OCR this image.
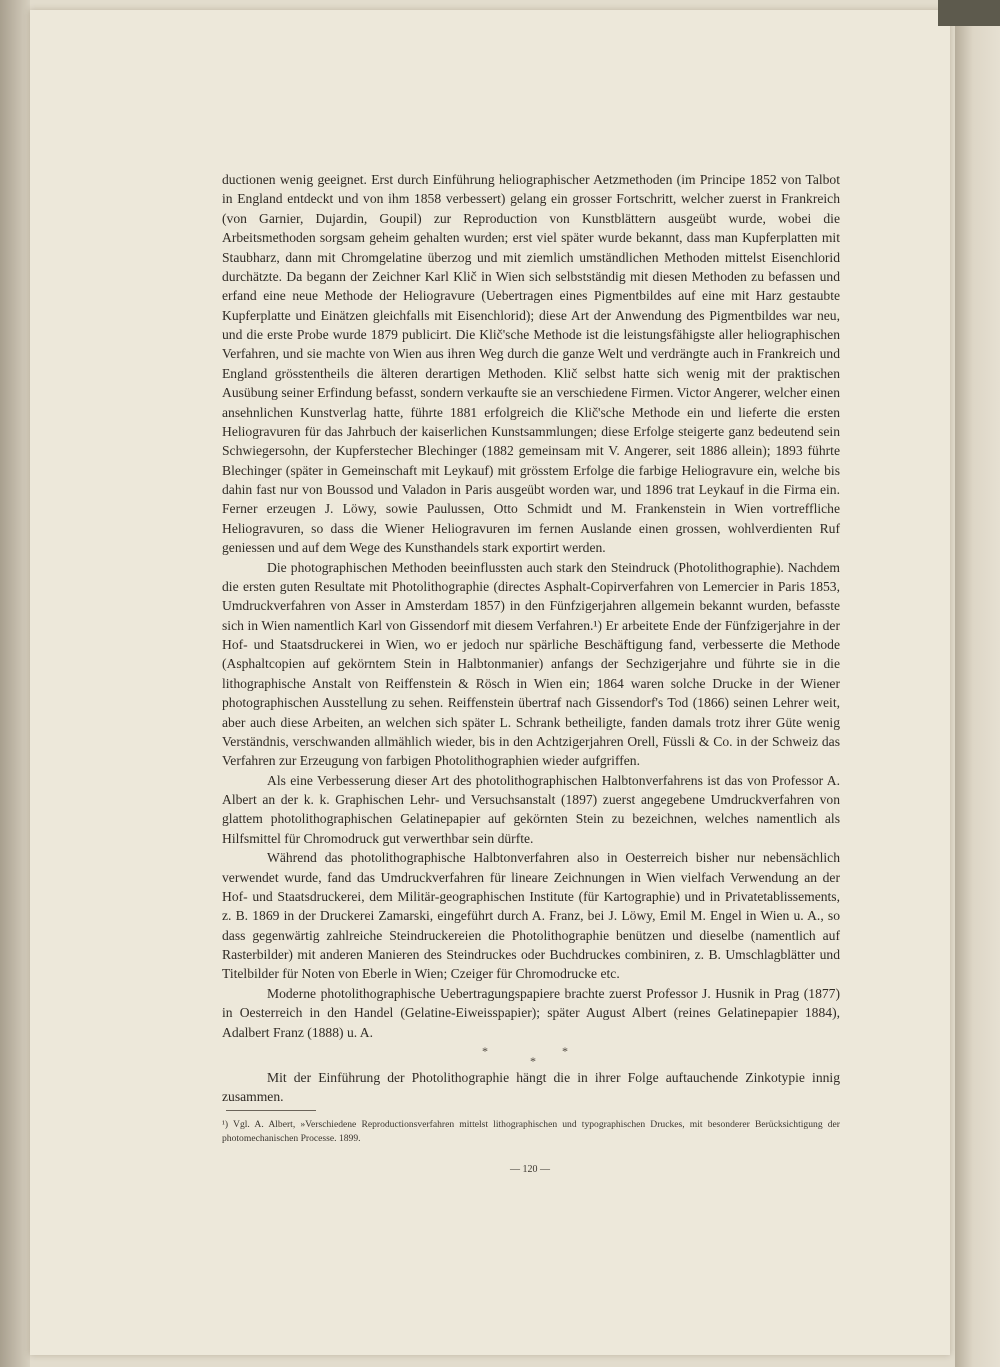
ductionen wenig geeignet. Erst durch Einführung heliographischer Aetzmethoden (im Principe 1852 von Talbot in England entdeckt und von ihm 1858 verbessert) gelang ein grosser Fortschritt, welcher zuerst in Frankreich (von Garnier, Dujardin, Goupil) zur Reproduction von Kunstblättern ausgeübt wurde, wobei die Arbeitsmethoden sorgsam geheim gehalten wurden; erst viel später wurde bekannt, dass man Kupferplatten mit Staubharz, dann mit Chromgelatine überzog und mit ziemlich umständlichen Methoden mittelst Eisenchlorid durchätzte. Da begann der Zeichner Karl Klič in Wien sich selbstständig mit diesen Methoden zu befassen und erfand eine neue Methode der Heliogravure (Uebertragen eines Pigmentbildes auf eine mit Harz gestaubte Kupferplatte und Einätzen gleichfalls mit Eisenchlorid); diese Art der Anwendung des Pigmentbildes war neu, und die erste Probe wurde 1879 publicirt. Die Klič'sche Methode ist die leistungsfähigste aller heliographischen Verfahren, und sie machte von Wien aus ihren Weg durch die ganze Welt und verdrängte auch in Frankreich und England grösstentheils die älteren derartigen Methoden. Klič selbst hatte sich wenig mit der praktischen Ausübung seiner Erfindung befasst, sondern verkaufte sie an verschiedene Firmen. Victor Angerer, welcher einen ansehnlichen Kunstverlag hatte, führte 1881 erfolgreich die Klič'sche Methode ein und lieferte die ersten Heliogravuren für das Jahrbuch der kaiserlichen Kunstsammlungen; diese Erfolge steigerte ganz bedeutend sein Schwiegersohn, der Kupferstecher Blechinger (1882 gemeinsam mit V. Angerer, seit 1886 allein); 1893 führte Blechinger (später in Gemeinschaft mit Leykauf) mit grösstem Erfolge die farbige Heliogravure ein, welche bis dahin fast nur von Boussod und Valadon in Paris ausgeübt worden war, und 1896 trat Leykauf in die Firma ein. Ferner erzeugen J. Löwy, sowie Paulussen, Otto Schmidt und M. Frankenstein in Wien vortreffliche Heliogravuren, so dass die Wiener Heliogravuren im fernen Auslande einen grossen, wohlverdienten Ruf geniessen und auf dem Wege des Kunsthandels stark exportirt werden.

Die photographischen Methoden beeinflussten auch stark den Steindruck (Photolithographie). Nachdem die ersten guten Resultate mit Photolithographie (directes Asphalt-Copirverfahren von Lemercier in Paris 1853, Umdruckverfahren von Asser in Amsterdam 1857) in den Fünfzigerjahren allgemein bekannt wurden, befasste sich in Wien namentlich Karl von Gissendorf mit diesem Verfahren.¹) Er arbeitete Ende der Fünfzigerjahre in der Hof- und Staatsdruckerei in Wien, wo er jedoch nur spärliche Beschäftigung fand, verbesserte die Methode (Asphaltcopien auf gekörntem Stein in Halbtonmanier) anfangs der Sechzigerjahre und führte sie in die lithographische Anstalt von Reiffenstein & Rösch in Wien ein; 1864 waren solche Drucke in der Wiener photographischen Ausstellung zu sehen. Reiffenstein übertraf nach Gissendorf's Tod (1866) seinen Lehrer weit, aber auch diese Arbeiten, an welchen sich später L. Schrank betheiligte, fanden damals trotz ihrer Güte wenig Verständnis, verschwanden allmählich wieder, bis in den Achtzigerjahren Orell, Füssli & Co. in der Schweiz das Verfahren zur Erzeugung von farbigen Photolithographien wieder aufgriffen.

Als eine Verbesserung dieser Art des photolithographischen Halbtonverfahrens ist das von Professor A. Albert an der k. k. Graphischen Lehr- und Versuchsanstalt (1897) zuerst angegebene Umdruckverfahren von glattem photolithographischen Gelatinepapier auf gekörnten Stein zu bezeichnen, welches namentlich als Hilfsmittel für Chromodruck gut verwerthbar sein dürfte.

Während das photolithographische Halbtonverfahren also in Oesterreich bisher nur nebensächlich verwendet wurde, fand das Umdruckverfahren für lineare Zeichnungen in Wien vielfach Verwendung an der Hof- und Staatsdruckerei, dem Militär-geographischen Institute (für Kartographie) und in Privatetablissements, z. B. 1869 in der Druckerei Zamarski, eingeführt durch A. Franz, bei J. Löwy, Emil M. Engel in Wien u. A., so dass gegenwärtig zahlreiche Steindruckereien die Photolithographie benützen und dieselbe (namentlich auf Rasterbilder) mit anderen Manieren des Steindruckes oder Buchdruckes combiniren, z. B. Umschlagblätter und Titelbilder für Noten von Eberle in Wien; Czeiger für Chromodrucke etc.

Moderne photolithographische Uebertragungspapiere brachte zuerst Professor J. Husnik in Prag (1877) in Oesterreich in den Handel (Gelatine-Eiweisspapier); später August Albert (reines Gelatinepapier 1884), Adalbert Franz (1888) u. A.

*
*
*

Mit der Einführung der Photolithographie hängt die in ihrer Folge auftauchende Zinkotypie innig zusammen.

¹) Vgl. A. Albert, »Verschiedene Reproductionsverfahren mittelst lithographischen und typographischen Druckes, mit besonderer Berücksichtigung der photomechanischen Processe. 1899.
— 120 —
